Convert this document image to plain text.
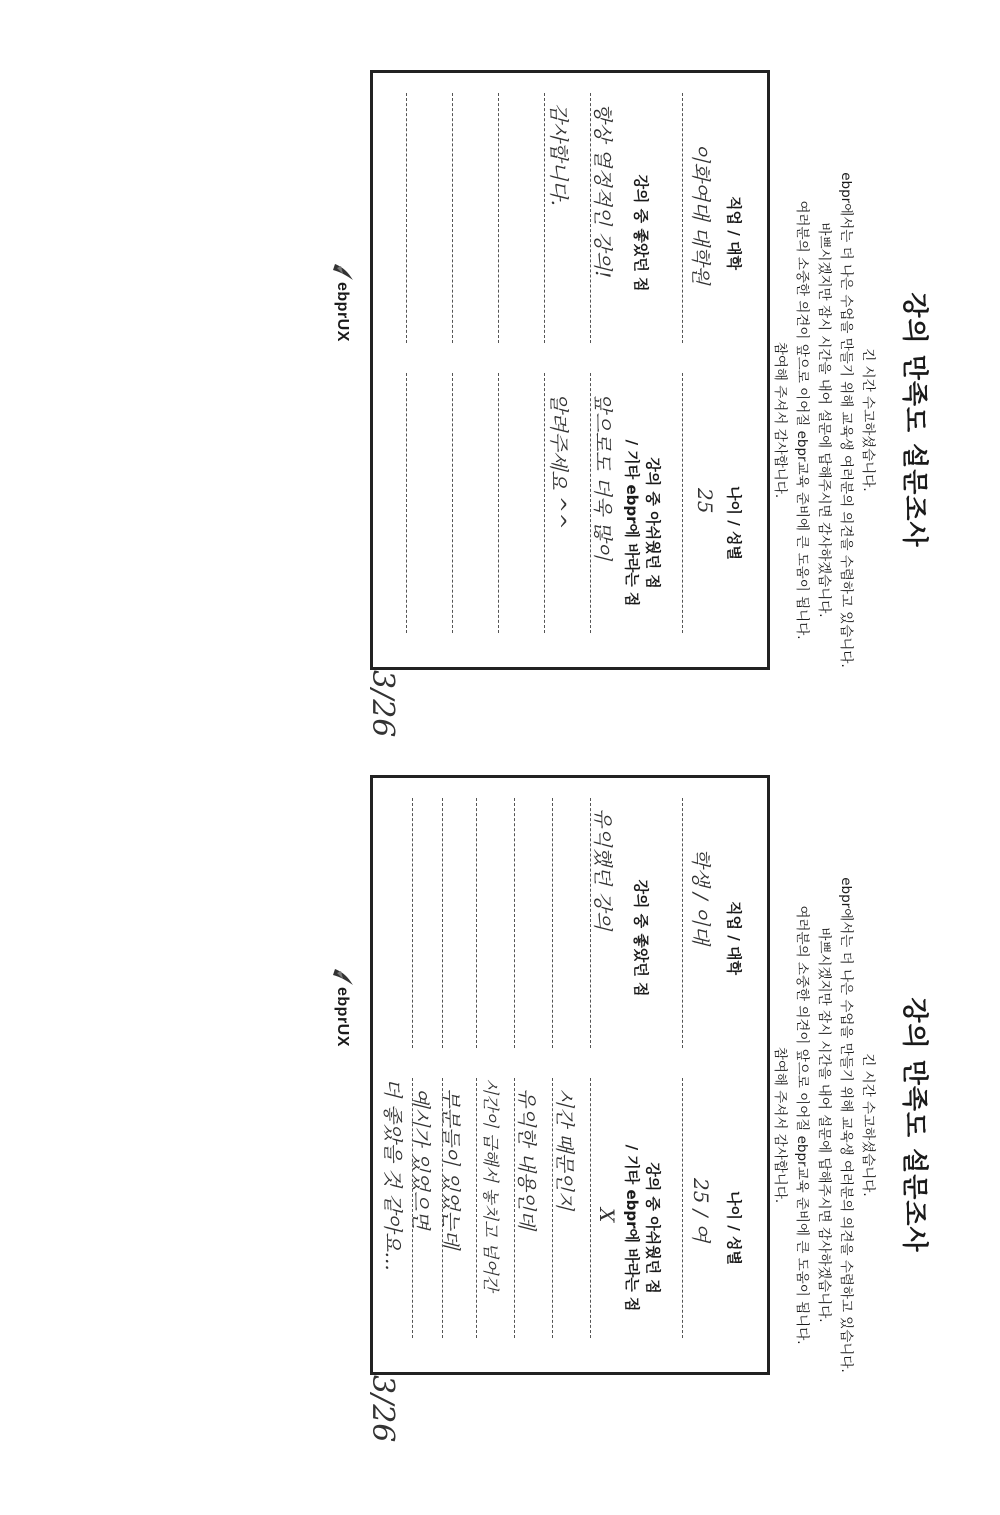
강의 만족도 설문조사
긴 시간 수고하셨습니다.
ebpr에서는 더 나은 수업을 만들기 위해 교육생 여러분의 의견을 수렴하고 있습니다.
바쁘시겠지만 잠시 시간을 내어 설문에 답해주시면 감사하겠습니다.
여러분의 소중한 의견이 앞으로 이어질 ebpr교육 준비에 큰 도움이 됩니다.
참여해 주셔서 감사합니다.
직업 / 대학
나이 / 성별
이화여대 대학원
25
강의 중 좋았던 점
강의 중 아쉬웠던 점
/ 기타 ebpr에 바라는 점
항상 열정적인 강의!
감사합니다.
앞으로도 더욱 많이
알려주세요 ^^
ebprUX
3/26
강의 만족도 설문조사
긴 시간 수고하셨습니다.
ebpr에서는 더 나은 수업을 만들기 위해 교육생 여러분의 의견을 수렴하고 있습니다.
바쁘시겠지만 잠시 시간을 내어 설문에 답해주시면 감사하겠습니다.
여러분의 소중한 의견이 앞으로 이어질 ebpr교육 준비에 큰 도움이 됩니다.
참여해 주셔서 감사합니다.
직업 / 대학
나이 / 성별
학생 / 이대
25 / 여
강의 중 좋았던 점
강의 중 아쉬웠던 점
/ 기타 ebpr에 바라는 점
유익했던 강의
X
시간 때문인지
유익한 내용인데
시간이 급해서 놓치고 넘어간
부분들이 있었는데
예시가 있었으면
더 좋았을 것 같아요...
ebprUX
3/26
